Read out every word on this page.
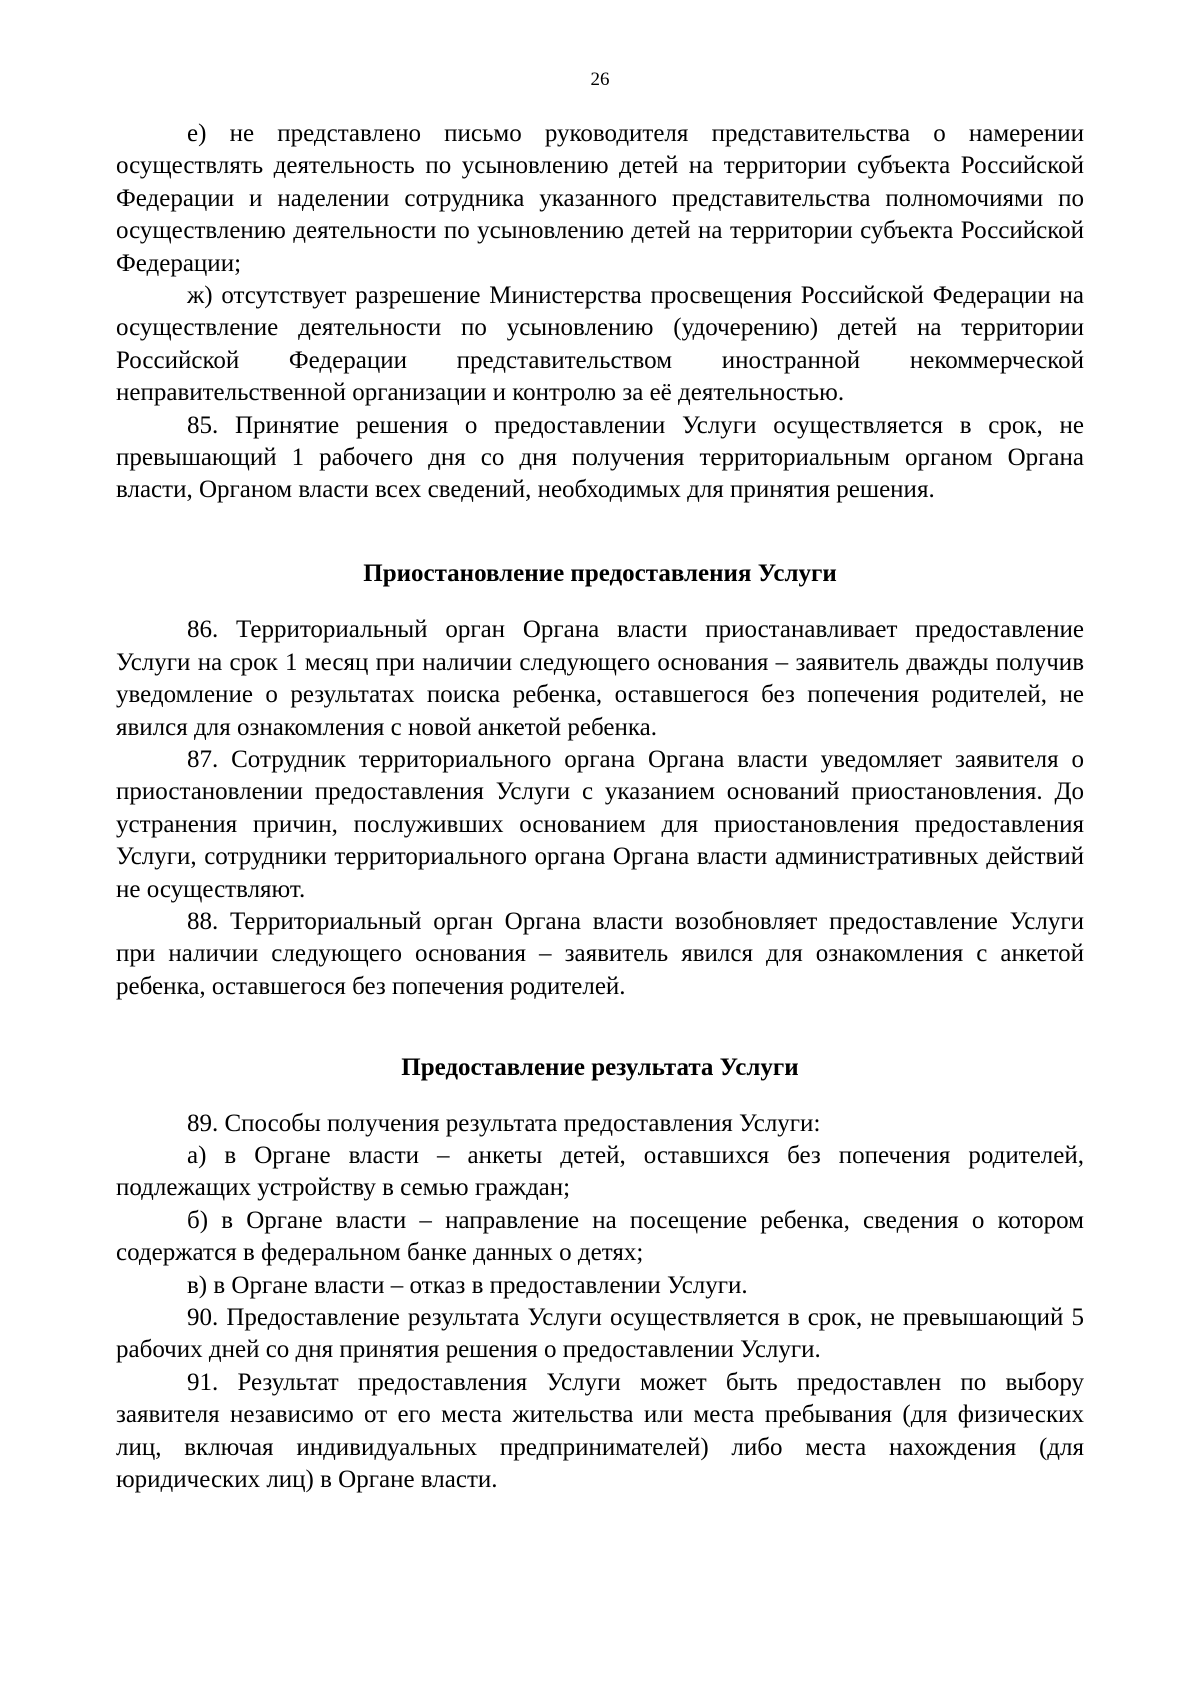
26

е) не представлено письмо руководителя представительства о намерении осуществлять деятельность по усыновлению детей на территории субъекта Российской Федерации и наделении сотрудника указанного представительства полномочиями по осуществлению деятельности по усыновлению детей на территории субъекта Российской Федерации;

ж) отсутствует разрешение Министерства просвещения Российской Федерации на осуществление деятельности по усыновлению (удочерению) детей на территории Российской Федерации представительством иностранной некоммерческой неправительственной организации и контролю за её деятельностью.

85. Принятие решения о предоставлении Услуги осуществляется в срок, не превышающий 1 рабочего дня со дня получения территориальным органом Органа власти, Органом власти всех сведений, необходимых для принятия решения.

Приостановление предоставления Услуги

86. Территориальный орган Органа власти приостанавливает предоставление Услуги на срок 1 месяц при наличии следующего основания – заявитель дважды получив уведомление о результатах поиска ребенка, оставшегося без попечения родителей, не явился для ознакомления с новой анкетой ребенка.

87. Сотрудник территориального органа Органа власти уведомляет заявителя о приостановлении предоставления Услуги с указанием оснований приостановления. До устранения причин, послуживших основанием для приостановления предоставления Услуги, сотрудники территориального органа Органа власти административных действий не осуществляют.

88. Территориальный орган Органа власти возобновляет предоставление Услуги при наличии следующего основания – заявитель явился для ознакомления с анкетой ребенка, оставшегося без попечения родителей.

Предоставление результата Услуги

89. Способы получения результата предоставления Услуги:

а) в Органе власти – анкеты детей, оставшихся без попечения родителей, подлежащих устройству в семью граждан;

б) в Органе власти – направление на посещение ребенка, сведения о котором содержатся в федеральном банке данных о детях;

в) в Органе власти – отказ в предоставлении Услуги.

90. Предоставление результата Услуги осуществляется в срок, не превышающий 5 рабочих дней со дня принятия решения о предоставлении Услуги.

91. Результат предоставления Услуги может быть предоставлен по выбору заявителя независимо от его места жительства или места пребывания (для физических лиц, включая индивидуальных предпринимателей) либо места нахождения (для юридических лиц) в Органе власти.
